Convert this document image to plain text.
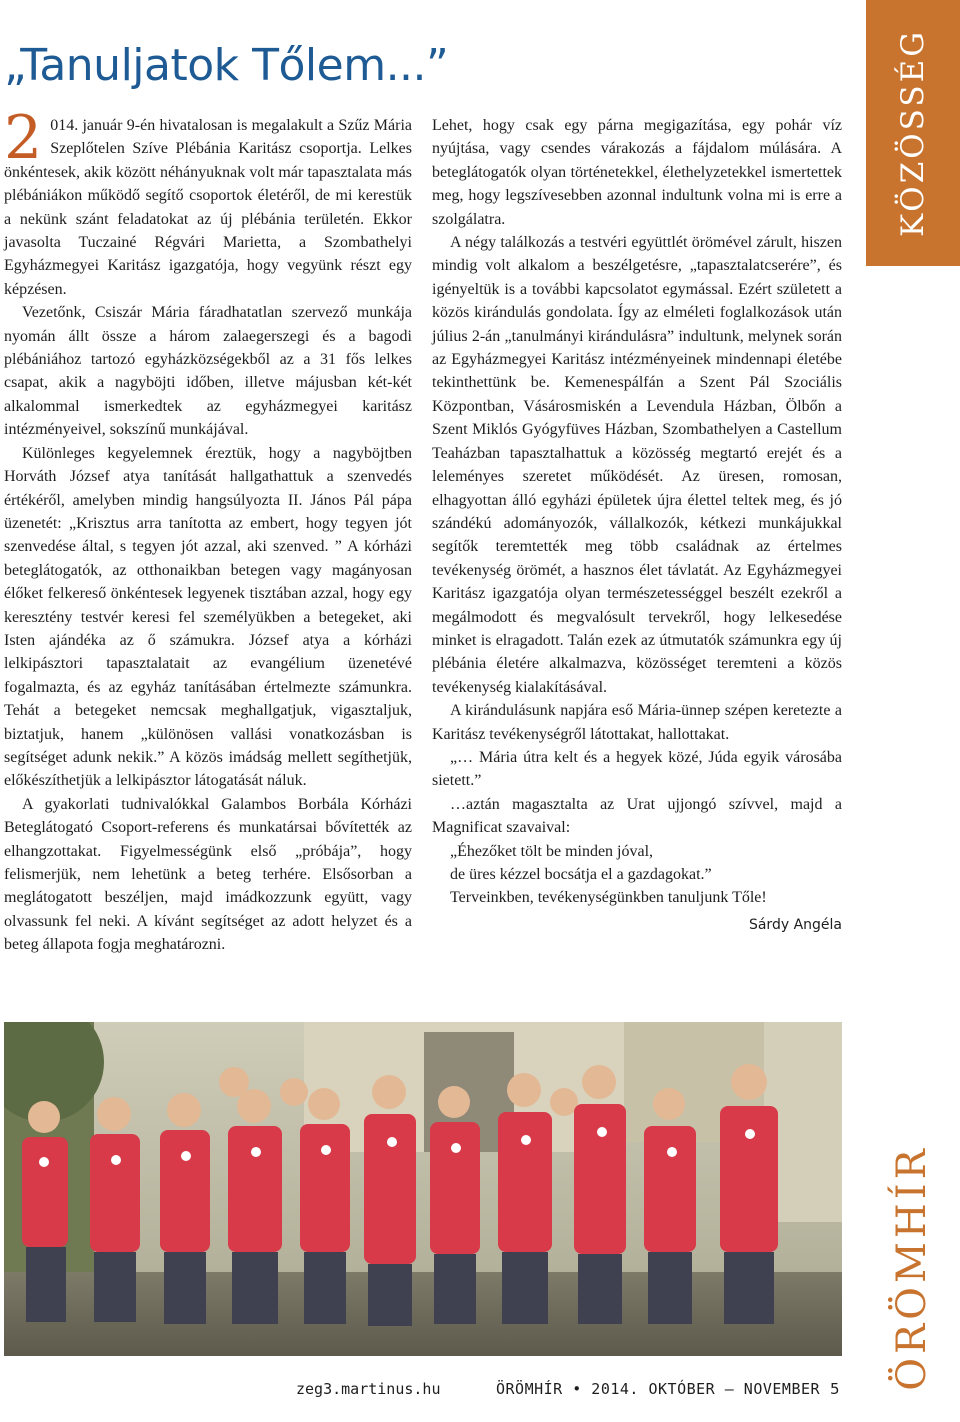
„Tanuljatok Tőlem...”

2 014. január 9-én hivatalosan is megalakult a Szűz Mária Szeplőtelen Szíve Plébánia Karitász csoportja. Lelkes önkéntesek, akik között néhányuknak volt már tapasztalata más plébániákon működő segítő csoportok életéről, de mi kerestük a nekünk szánt feladatokat az új plébánia területén. Ekkor javasolta Tuczainé Régvári Marietta, a Szombathelyi Egyházmegyei Karitász igazgatója, hogy vegyünk részt egy képzésen.

Vezetőnk, Csiszár Mária fáradhatatlan szervező munkája nyomán állt össze a három zalaegerszegi és a bagodi plébániához tartozó egyházközségekből az a 31 fős lelkes csapat, akik a nagyböjti időben, illetve májusban két-két alkalommal ismerkedtek az egyházmegyei karitász intézményeivel, sokszínű munkájával.

Különleges kegyelemnek éreztük, hogy a nagyböjtben Horváth József atya tanítását hallgathattuk a szenvedés értékéről, amelyben mindig hangsúlyozta II. János Pál pápa üzenetét: „Krisztus arra tanította az embert, hogy tegyen jót szenvedése által, s tegyen jót azzal, aki szenved. ” A kórházi beteglátogatók, az otthonaikban betegen vagy magányosan élőket felkereső önkéntesek legyenek tisztában azzal, hogy egy keresztény testvér keresi fel személyükben a betegeket, aki Isten ajándéka az ő számukra. József atya a kórházi lelkipásztori tapasztalatait az evangélium üzenetévé fogalmazta, és az egyház tanításában értelmezte számunkra. Tehát a betegeket nemcsak meghallgatjuk, vigasztaljuk, biztatjuk, hanem „különösen vallási vonatkozásban is segítséget adunk nekik.” A közös imádság mellett segíthetjük, előkészíthetjük a lelkipásztor látogatását náluk.

A gyakorlati tudnivalókkal Galambos Borbála Kórházi Beteglátogató Csoport-referens és munkatársai bővítették az elhangzottakat. Figyelmességünk első „próbája”, hogy felismerjük, nem lehetünk a beteg terhére. Elsősorban a meglátogatott beszéljen, majd imádkozzunk együtt, vagy olvassunk fel neki. A kívánt segítséget az adott helyzet és a beteg állapota fogja meghatározni.

Lehet, hogy csak egy párna megigazítása, egy pohár víz nyújtása, vagy csendes várakozás a fájdalom múlására. A beteglátogatók olyan történetekkel, élethelyzetekkel ismertettek meg, hogy legszívesebben azonnal indultunk volna mi is erre a szolgálatra.

A négy találkozás a testvéri együttlét örömével zárult, hiszen mindig volt alkalom a beszélgetésre, „tapasztalatcserére”, és igényeltük is a további kapcsolatot egymással. Ezért született a közös kirándulás gondolata. Így az elméleti foglalkozások után július 2-án „tanulmányi kirándulásra” indultunk, melynek során az Egyházmegyei Karitász intézményeinek mindennapi életébe tekinthettünk be. Kemenespálfán a Szent Pál Szociális Központban, Vásárosmiskén a Levendula Házban, Ölbőn a Szent Miklós Gyógyfüves Házban, Szombathelyen a Castellum Teaházban tapasztalhattuk a közösség megtartó erejét és a leleményes szeretet működését. Az üresen, romosan, elhagyottan álló egyházi épületek újra élettel teltek meg, és jó szándékú adományozók, vállalkozók, kétkezi munkájukkal segítők teremtették meg több családnak az értelmes tevékenység örömét, a hasznos élet távlatát. Az Egyházmegyei Karitász igazgatója olyan természetességgel beszélt ezekről a megálmodott és megvalósult tervekről, hogy lelkesedése minket is elragadott. Talán ezek az útmutatók számunkra egy új plébánia életére alkalmazva, közösséget teremteni a közös tevékenység kialakításával.

A kirándulásunk napjára eső Mária-ünnep szépen keretezte a Karitász tevékenységről látottakat, hallottakat.

„… Mária útra kelt és a hegyek közé, Júda egyik városába sietett.”

…aztán magasztalta az Urat ujjongó szívvel, majd a Magnificat szavaival:

„Éhezőket tölt be minden jóval,

de üres kézzel bocsátja el a gazdagokat.”

Terveinkben, tevékenységünkben tanuljunk Tőle!

Sárdy Angéla

KÖZÖSSÉG
ÖRÖMHÍR
zeg3.martinus.hu	ÖRÖMHÍR • 2014. OKTÓBER – NOVEMBER 5
